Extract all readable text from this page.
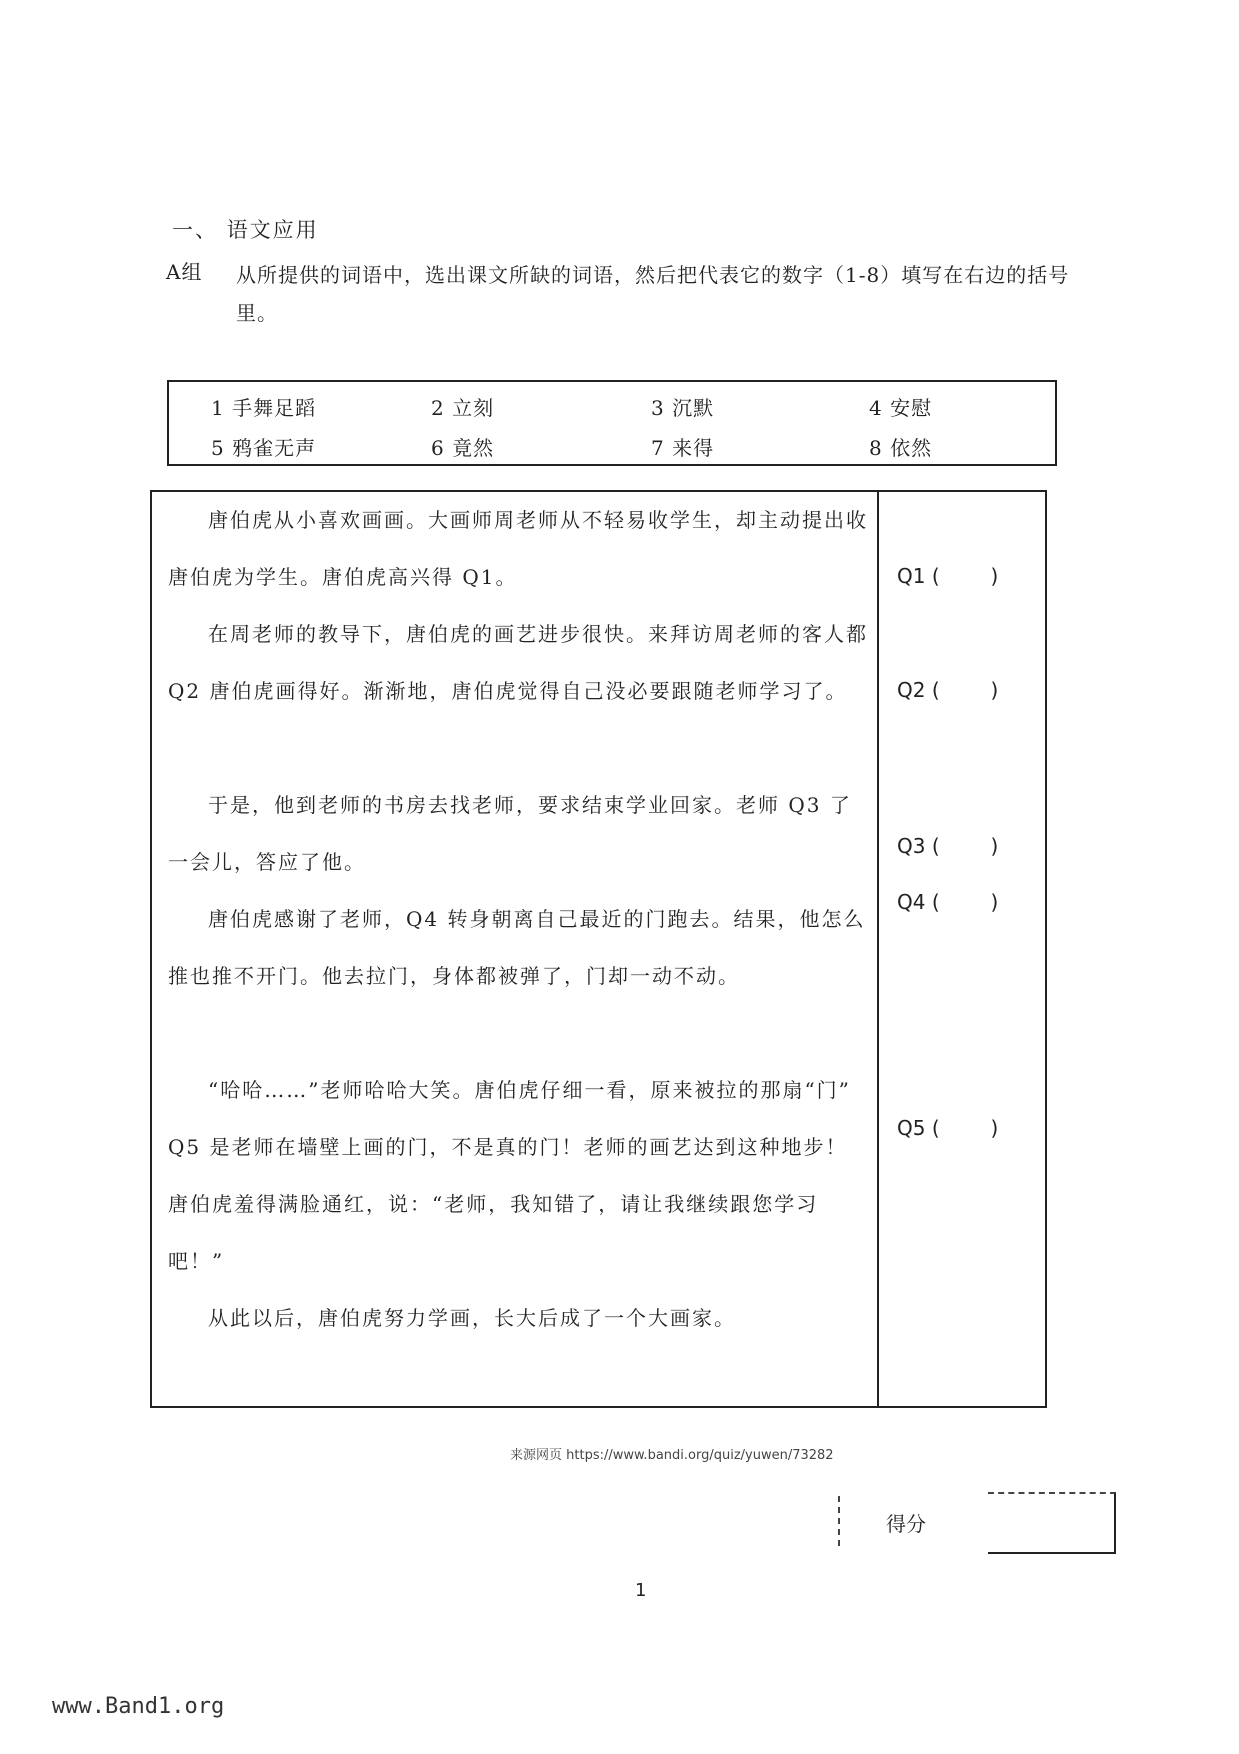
一、 语文应用
A组 从所提供的词语中，选出课文所缺的词语，然后把代表它的数字（1-8）填写在右边的括号里。
1 手舞足蹈	2 立刻	3 沉默	4 安慰
5 鸦雀无声	6 竟然	7 来得	8 依然
唐伯虎从小喜欢画画。大画师周老师从不轻易收学生，却主动提出收唐伯虎为学生。唐伯虎高兴得 Q1。
在周老师的教导下，唐伯虎的画艺进步很快。来拜访周老师的客人都 Q2 唐伯虎画得好。渐渐地，唐伯虎觉得自己没必要跟随老师学习了。
于是，他到老师的书房去找老师，要求结束学业回家。老师 Q3 了一会儿，答应了他。
唐伯虎感谢了老师，Q4 转身朝离自己最近的门跑去。结果，他怎么推也推不开门。他去拉门，身体都被弹了，门却一动不动。
“哈哈……”老师哈哈大笑。唐伯虎仔细一看，原来被拉的那扇“门” Q5 是老师在墙壁上画的门，不是真的门！老师的画艺达到这种地步！唐伯虎羞得满脸通红，说：“老师，我知错了，请让我继续跟您学习吧！”
从此以后，唐伯虎努力学画，长大后成了一个大画家。
Q1 (        )
Q2 (        )
Q3 (        )
Q4 (        )
Q5 (        )
来源网页 https://www.bandi.org/quiz/yuwen/73282
得分
1
www.Band1.org
